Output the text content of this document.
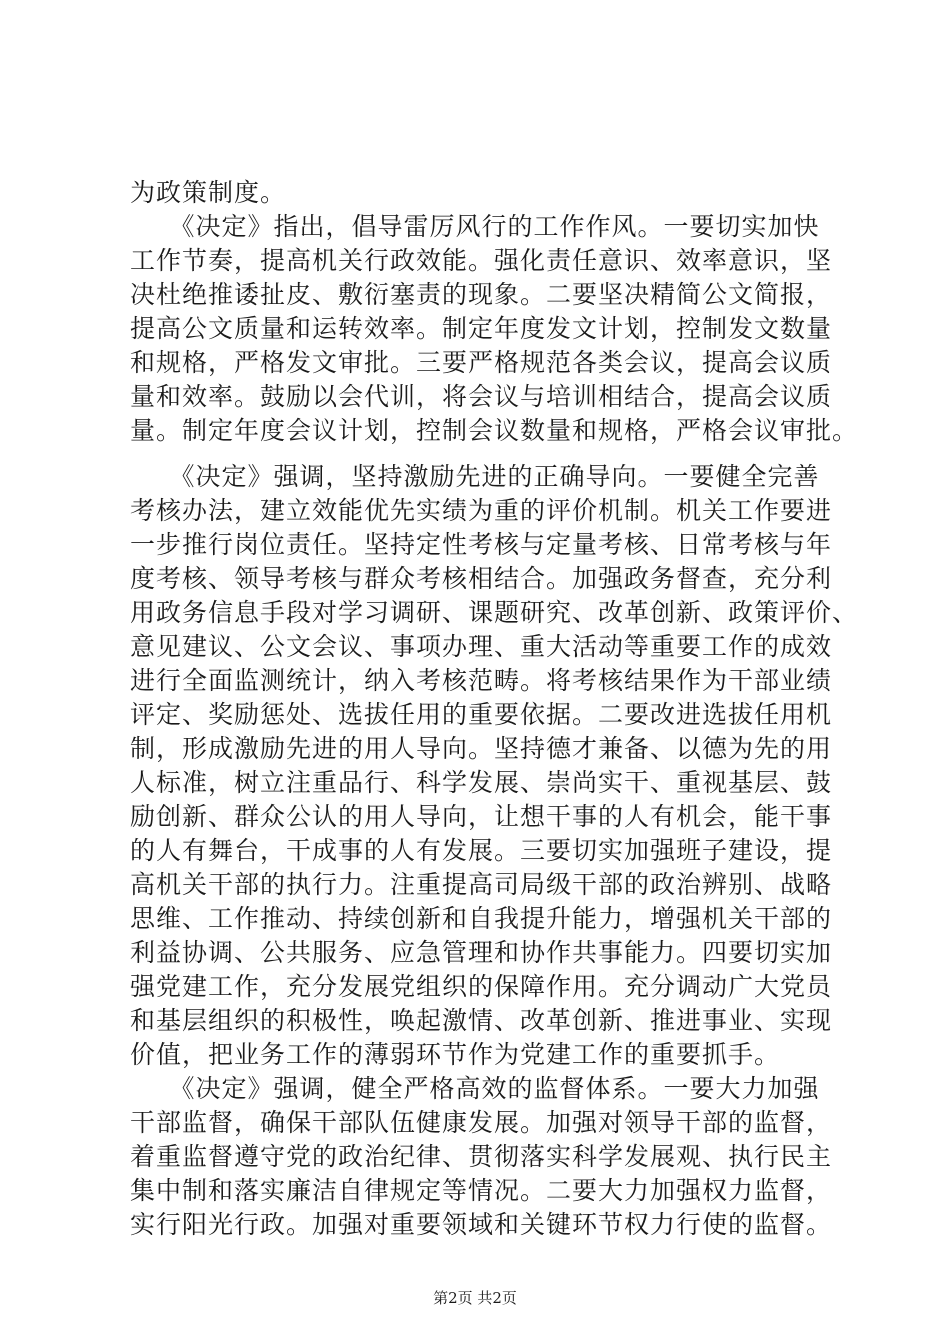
为政策制度。
　　《决定》指出，倡导雷厉风行的工作作风。一要切实加快
工作节奏，提高机关行政效能。强化责任意识、效率意识，坚
决杜绝推诿扯皮、敷衍塞责的现象。二要坚决精简公文简报，
提高公文质量和运转效率。制定年度发文计划，控制发文数量
和规格，严格发文审批。三要严格规范各类会议，提高会议质
量和效率。鼓励以会代训，将会议与培训相结合，提高会议质
量。制定年度会议计划，控制会议数量和规格，严格会议审批。
　　《决定》强调，坚持激励先进的正确导向。一要健全完善
考核办法，建立效能优先实绩为重的评价机制。机关工作要进
一步推行岗位责任。坚持定性考核与定量考核、日常考核与年
度考核、领导考核与群众考核相结合。加强政务督查，充分利
用政务信息手段对学习调研、课题研究、改革创新、政策评价、
意见建议、公文会议、事项办理、重大活动等重要工作的成效
进行全面监测统计，纳入考核范畴。将考核结果作为干部业绩
评定、奖励惩处、选拔任用的重要依据。二要改进选拔任用机
制，形成激励先进的用人导向。坚持德才兼备、以德为先的用
人标准，树立注重品行、科学发展、崇尚实干、重视基层、鼓
励创新、群众公认的用人导向，让想干事的人有机会，能干事
的人有舞台，干成事的人有发展。三要切实加强班子建设，提
高机关干部的执行力。注重提高司局级干部的政治辨别、战略
思维、工作推动、持续创新和自我提升能力，增强机关干部的
利益协调、公共服务、应急管理和协作共事能力。四要切实加
强党建工作，充分发展党组织的保障作用。充分调动广大党员
和基层组织的积极性，唤起激情、改革创新、推进事业、实现
价值，把业务工作的薄弱环节作为党建工作的重要抓手。
　　《决定》强调，健全严格高效的监督体系。一要大力加强
干部监督，确保干部队伍健康发展。加强对领导干部的监督，
着重监督遵守党的政治纪律、贯彻落实科学发展观、执行民主
集中制和落实廉洁自律规定等情况。二要大力加强权力监督，
实行阳光行政。加强对重要领域和关键环节权力行使的监督。
第2页 共2页
